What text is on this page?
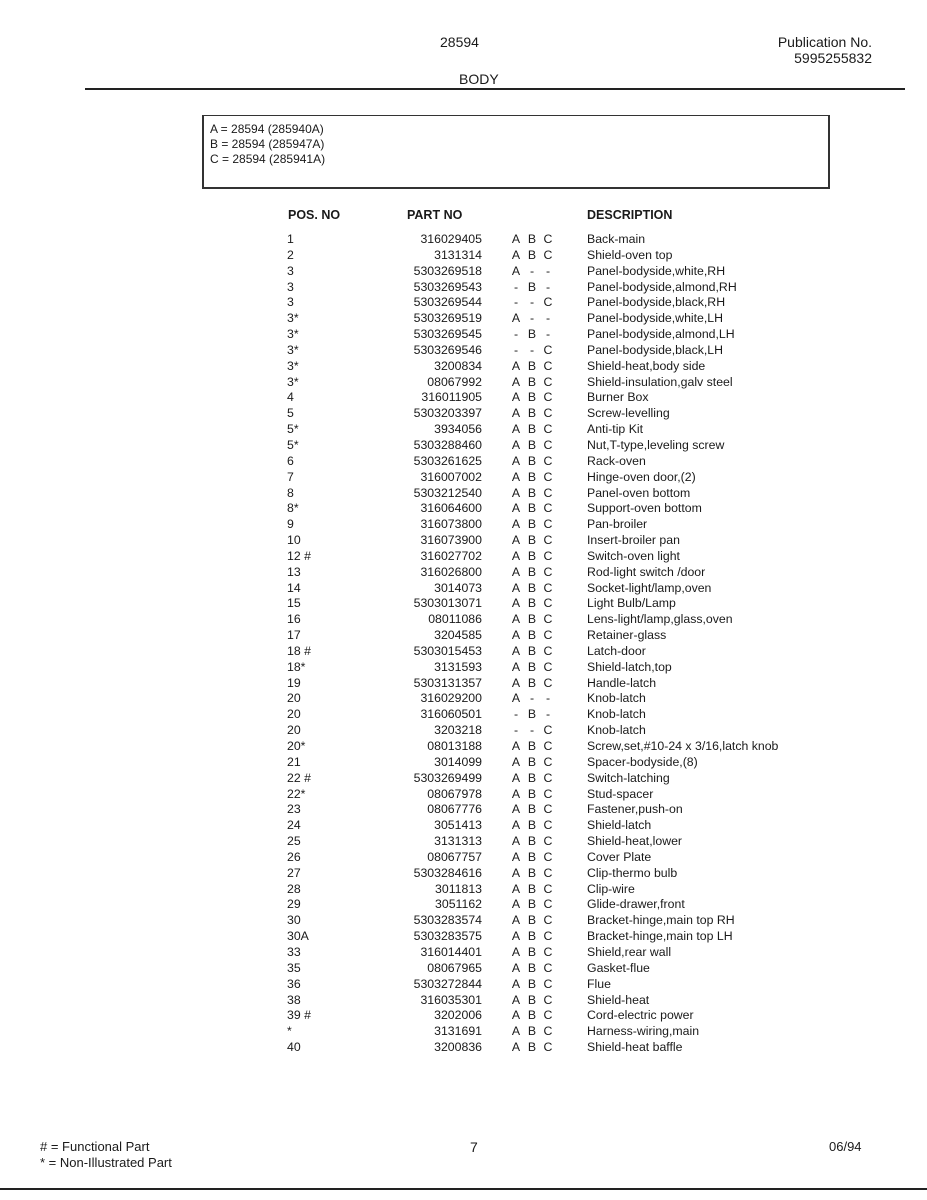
28594	Publication No.
5995255832
BODY
A = 28594 (285940A)
B = 28594 (285947A)
C = 28594 (285941A)
POS. NO	PART NO	DESCRIPTION
1	316029405 A B C	Back-main
2	3131314 A B C	Shield-oven top
3	5303269518 A - -	Panel-bodyside,white,RH
3	5303269543	- B -	Panel-bodyside,almond,RH
3	5303269544	- - C	Panel-bodyside,black,RH
3*	5303269519 A - -	Panel-bodyside,white,LH
3*	5303269545	- B -	Panel-bodyside,almond,LH
3*	5303269546	- - C	Panel-bodyside,black,LH
3*	3200834 A B C	Shield-heat,body side
3*	08067992 A B C	Shield-insulation,galv steel
4	316011905 A B C	Burner Box
5	5303203397 A B C	Screw-levelling
5*	3934056 A B C	Anti-tip Kit
5*	5303288460 A B C	Nut,T-type,leveling screw
6	5303261625 A B C	Rack-oven
7	316007002 A B C	Hinge-oven door,(2)
8	5303212540 A B C	Panel-oven bottom
8*	316064600 A B C	Support-oven bottom
9	316073800 A B C	Pan-broiler
10	316073900 A B C	Insert-broiler pan
12 #	316027702 A B C	Switch-oven light
13	316026800 A B C	Rod-light switch /door
14	3014073 A B C	Socket-light/lamp,oven
15	5303013071 A B C	Light Bulb/Lamp
16	08011086 A B C	Lens-light/lamp,glass,oven
17	3204585 A B C	Retainer-glass
18 #	5303015453 A B C	Latch-door
18*	3131593 A B C	Shield-latch,top
19	5303131357 A B C	Handle-latch
20	316029200 A - -	Knob-latch
20	316060501	- B -	Knob-latch
20	3203218	- - C	Knob-latch
20*	08013188 A B C	Screw,set,#10-24 x 3/16,latch knob
21	3014099 A B C	Spacer-bodyside,(8)
22 #	5303269499 A B C	Switch-latching
22*	08067978 A B C	Stud-spacer
23	08067776 A B C	Fastener,push-on
24	3051413 A B C	Shield-latch
25	3131313 A B C	Shield-heat,lower
26	08067757 A B C	Cover Plate
27	5303284616 A B C	Clip-thermo bulb
28	3011813 A B C	Clip-wire
29	3051162 A B C	Glide-drawer,front
30	5303283574 A B C	Bracket-hinge,main top RH
30A	5303283575 A B C	Bracket-hinge,main top LH
33	316014401 A B C	Shield,rear wall
35	08067965 A B C	Gasket-flue
36	5303272844 A B C	Flue
38	316035301 A B C	Shield-heat
39 #	3202006 A B C	Cord-electric power
*	3131691 A B C	Harness-wiring,main
40	3200836 A B C	Shield-heat baffle
# = Functional Part
* = Non-Illustrated Part
7	06/94
